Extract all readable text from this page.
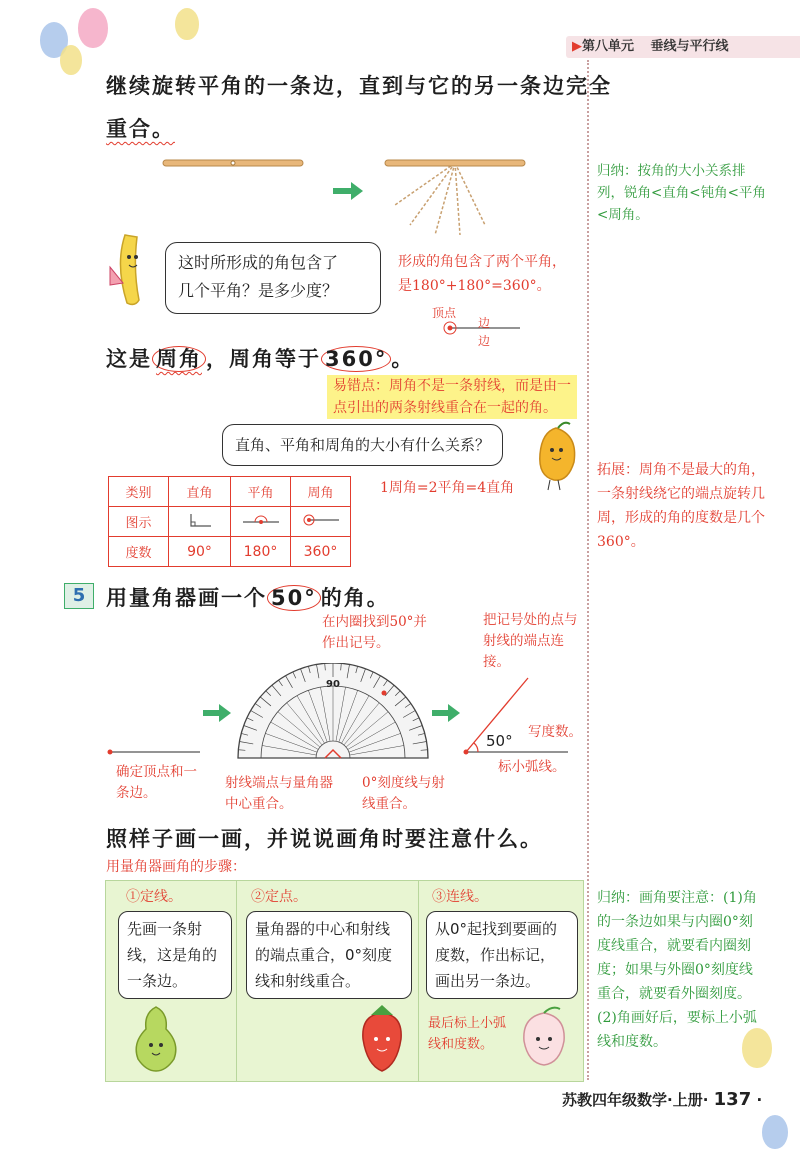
▶第八单元 垂线与平行线
继续旋转平角的一条边，直到与它的另一条边完全
重合。
归纳：按角的大小关系排列，锐角<直角<钝角<平角<周角。
这时所形成的角包含了
几个平角？是多少度？
形成的角包含了两个平角，
是180°+180°=360°。
顶点
边
边
这是 周角 ，周角等于 360° 。
易错点：周角不是一条射线，而是由一
点引出的两条射线重合在一起的角。
直角、平角和周角的大小有什么关系？
1周角=2平角=4直角
拓展：周角不是最大的角，一条射线绕它的端点旋转几周，形成的角的度数是几个360°。
类别	直角	平角	周角
图示			
度数	90°	180°	360°
5 用量角器画一个 50° 的角。
在内圈找到50°并作出记号。
把记号处的点与射线的端点连接。
确定顶点和一条边。
90
射线端点与量角器中心重合。
0°刻度线与射线重合。
50° 写度数。
标小弧线。
照样子画一画，并说说画角时要注意什么。
用量角器画角的步骤：
①定线。
先画一条射线，这是角的一条边。
②定点。
量角器的中心和射线的端点重合，0°刻度线和射线重合。
③连线。
从0°起找到要画的度数，作出标记，画出另一条边。
最后标上小弧线和度数。
归纳：画角要注意：(1)角的一条边如果与内圈0°刻度线重合，就要看内圈刻度；如果与外圈0°刻度线重合，就要看外圈刻度。(2)角画好后，要标上小弧线和度数。
苏教四年级数学·上册· 137 ·
